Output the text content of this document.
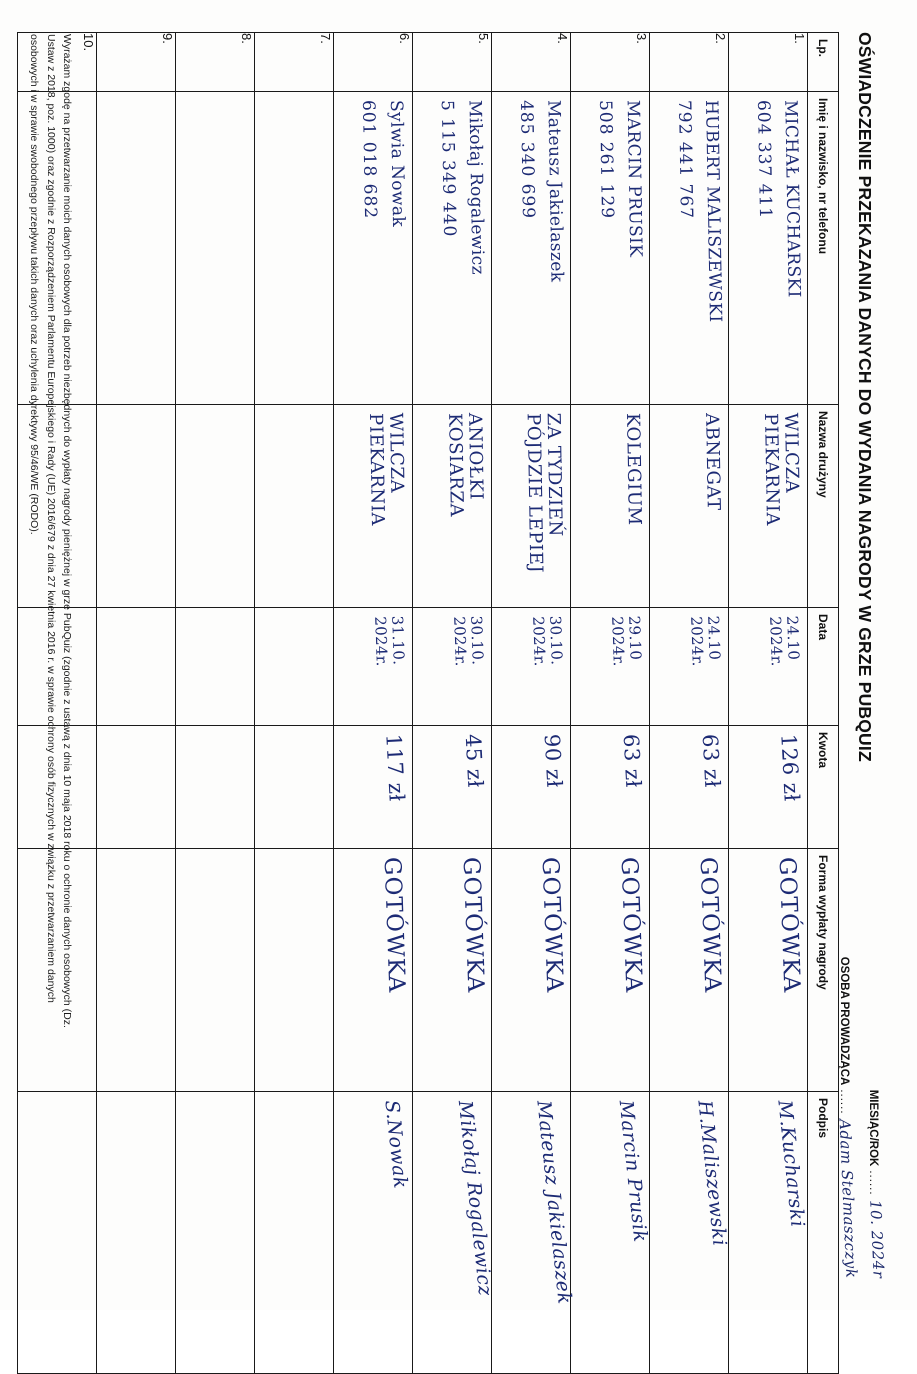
OŚWIADCZENIE PRZEKAZANIA DANYCH DO WYDANIA NAGRODY W GRZE PUBQUIZ
MIESIĄC/ROK
......
10. 2024r
OSOBA PROWADZĄCA
......
Adam Stelmaszczyk
Lp.	Imię i nazwisko, nr telefonu	Nazwa drużyny	Data	Kwota	Forma wypłaty nagrody	Podpis
1.	MICHAŁ KUCHARSKI
604 337 411	WILCZA
PIEKARNIA	24.10
2024r.	126 zł	GOTÓWKA	M.Kucharski

2.	HUBERT MALISZEWSKI
792 441 767	ABNEGAT	24.10
2024r.	63 zł	GOTÓWKA	H.Maliszewski

3.	MARCIN PRUSIK
508 261 129	KOLEGIUM	29.10
2024r.	63 zł	GOTÓWKA	Marcin Prusik

4.	Mateusz Jakielaszek
485 340 699	ZA TYDZIEŃ
PÓJDZIE LEPIEJ	30.10.
2024r.	90 zł	GOTÓWKA	Mateusz Jakielaszek

5.	Mikołaj Rogalewicz
5 115 349 440	ANIOŁKI
KOSIARZA	30.10.
2024r.	45 zł	GOTÓWKA	Mikołaj Rogalewicz

6.	Sylwia Nowak
601 018 682	WILCZA
PIEKARNIA	31.10.
2024r.	117 zł	GOTÓWKA	S.Nowak

7.	

8.	

9.	

10.	

Wyrażam zgodę na przetwarzanie moich danych osobowych dla potrzeb niezbędnych do wypłaty nagrody pieniężnej w grze PubQuiz (zgodnie z ustawą z dnia 10 maja 2018 roku o ochronie danych osobowych (Dz. Ustaw z 2018, poz. 1000) oraz zgodnie z Rozporządzeniem Parlamentu Europejskiego i Rady (UE) 2016/679 z dnia 27 kwietnia 2016 r. w sprawie ochrony osób fizycznych w związku z przetwarzaniem danych osobowych i w sprawie swobodnego przepływu takich danych oraz uchylenia dyrektywy 95/46/WE (RODO).
